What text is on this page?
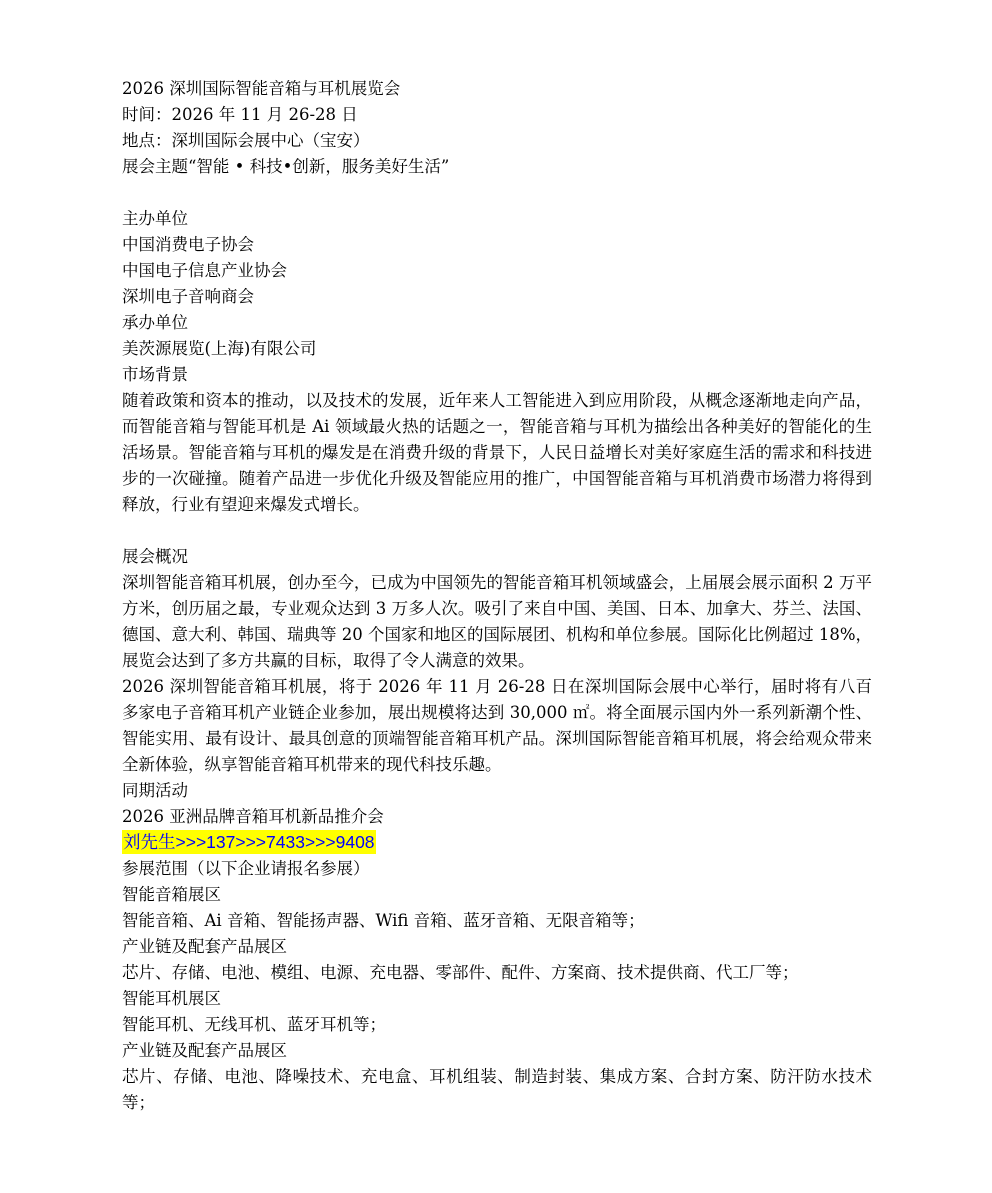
2026 深圳国际智能音箱与耳机展览会
时间：2026 年 11 月 26-28 日
地点：深圳国际会展中心（宝安）
展会主题“智能 • 科技•创新，服务美好生活”
主办单位
中国消费电子协会
中国电子信息产业协会
深圳电子音响商会
承办单位
美茨源展览(上海)有限公司
市场背景
随着政策和资本的推动，以及技术的发展，近年来人工智能进入到应用阶段，从概念逐渐地走向产品，而智能音箱与智能耳机是 Ai 领域最火热的话题之一，智能音箱与耳机为描绘出各种美好的智能化的生活场景。智能音箱与耳机的爆发是在消费升级的背景下，人民日益增长对美好家庭生活的需求和科技进步的一次碰撞。随着产品进一步优化升级及智能应用的推广，中国智能音箱与耳机消费市场潜力将得到释放，行业有望迎来爆发式增长。
展会概况
深圳智能音箱耳机展，创办至今，已成为中国领先的智能音箱耳机领域盛会，上届展会展示面积 2 万平方米，创历届之最，专业观众达到 3 万多人次。吸引了来自中国、美国、日本、加拿大、芬兰、法国、德国、意大利、韩国、瑞典等 20 个国家和地区的国际展团、机构和单位参展。国际化比例超过 18%，展览会达到了多方共赢的目标，取得了令人满意的效果。
2026 深圳智能音箱耳机展，将于 2026 年 11 月 26-28 日在深圳国际会展中心举行，届时将有八百多家电子音箱耳机产业链企业参加，展出规模将达到 30,000 ㎡。将全面展示国内外一系列新潮个性、智能实用、最有设计、最具创意的顶端智能音箱耳机产品。深圳国际智能音箱耳机展，将会给观众带来全新体验，纵享智能音箱耳机带来的现代科技乐趣。
同期活动
2026 亚洲品牌音箱耳机新品推介会
刘先生>>>137>>>7433>>>9408
参展范围（以下企业请报名参展）
智能音箱展区
智能音箱、Ai 音箱、智能扬声器、Wifi 音箱、蓝牙音箱、无限音箱等；
产业链及配套产品展区
芯片、存储、电池、模组、电源、充电器、零部件、配件、方案商、技术提供商、代工厂等；
智能耳机展区
智能耳机、无线耳机、蓝牙耳机等；
产业链及配套产品展区
芯片、存储、电池、降噪技术、充电盒、耳机组装、制造封装、集成方案、合封方案、防汗防水技术等；
